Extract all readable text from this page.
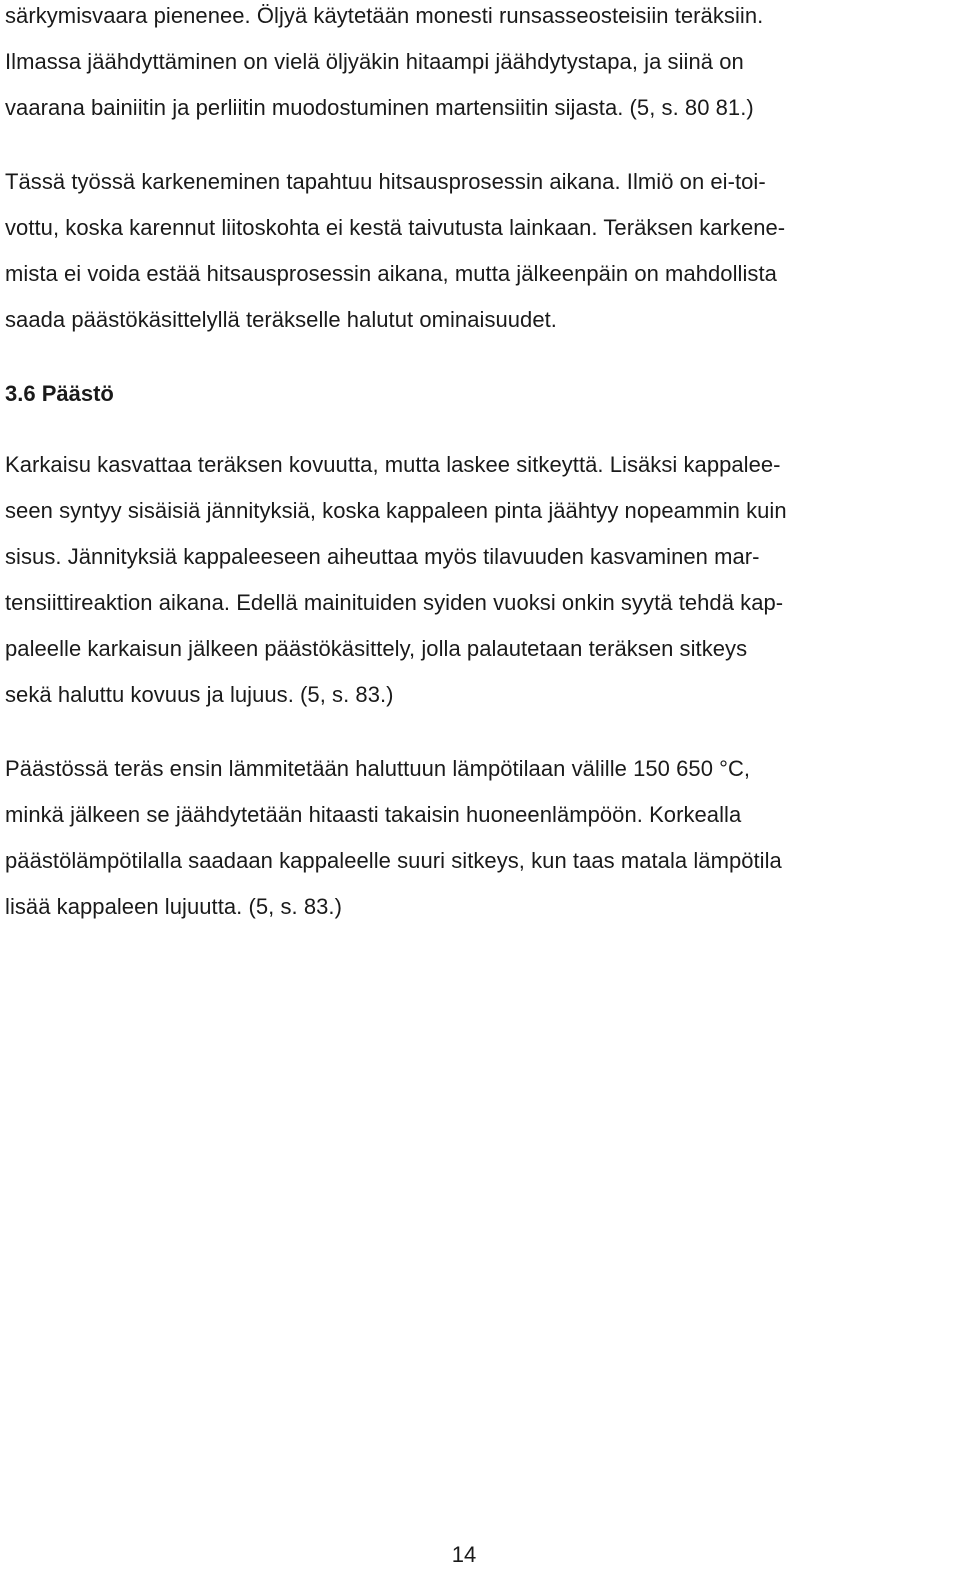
särkymisvaara pienenee. Öljyä käytetään monesti runsasseosteisiin teräksiin.
Ilmassa jäähdyttäminen on vielä öljyäkin hitaampi jäähdytystapa, ja siinä on
vaarana bainiitin ja perliitin muodostuminen martensiitin sijasta. (5, s. 80 81.)
Tässä työssä karkeneminen tapahtuu hitsausprosessin aikana. Ilmiö on ei-toi-
vottu, koska karennut liitoskohta ei kestä taivutusta lainkaan. Teräksen karkene-
mista ei voida estää hitsausprosessin aikana, mutta jälkeenpäin on mahdollista
saada päästökäsittelyllä teräkselle halutut ominaisuudet.
3.6 Päästö
Karkaisu kasvattaa teräksen kovuutta, mutta laskee sitkeyttä. Lisäksi kappalee-
seen syntyy sisäisiä jännityksiä, koska kappaleen pinta jäähtyy nopeammin kuin
sisus. Jännityksiä kappaleeseen aiheuttaa myös tilavuuden kasvaminen mar-
tensiittireaktion aikana. Edellä mainituiden syiden vuoksi onkin syytä tehdä kap-
paleelle karkaisun jälkeen päästökäsittely, jolla palautetaan teräksen sitkeys
sekä haluttu kovuus ja lujuus. (5, s. 83.)
Päästössä teräs ensin lämmitetään haluttuun lämpötilaan välille 150 650 °C,
minkä jälkeen se jäähdytetään hitaasti takaisin huoneenlämpöön. Korkealla
päästölämpötilalla saadaan kappaleelle suuri sitkeys, kun taas matala lämpötila
lisää kappaleen lujuutta. (5, s. 83.)
14
